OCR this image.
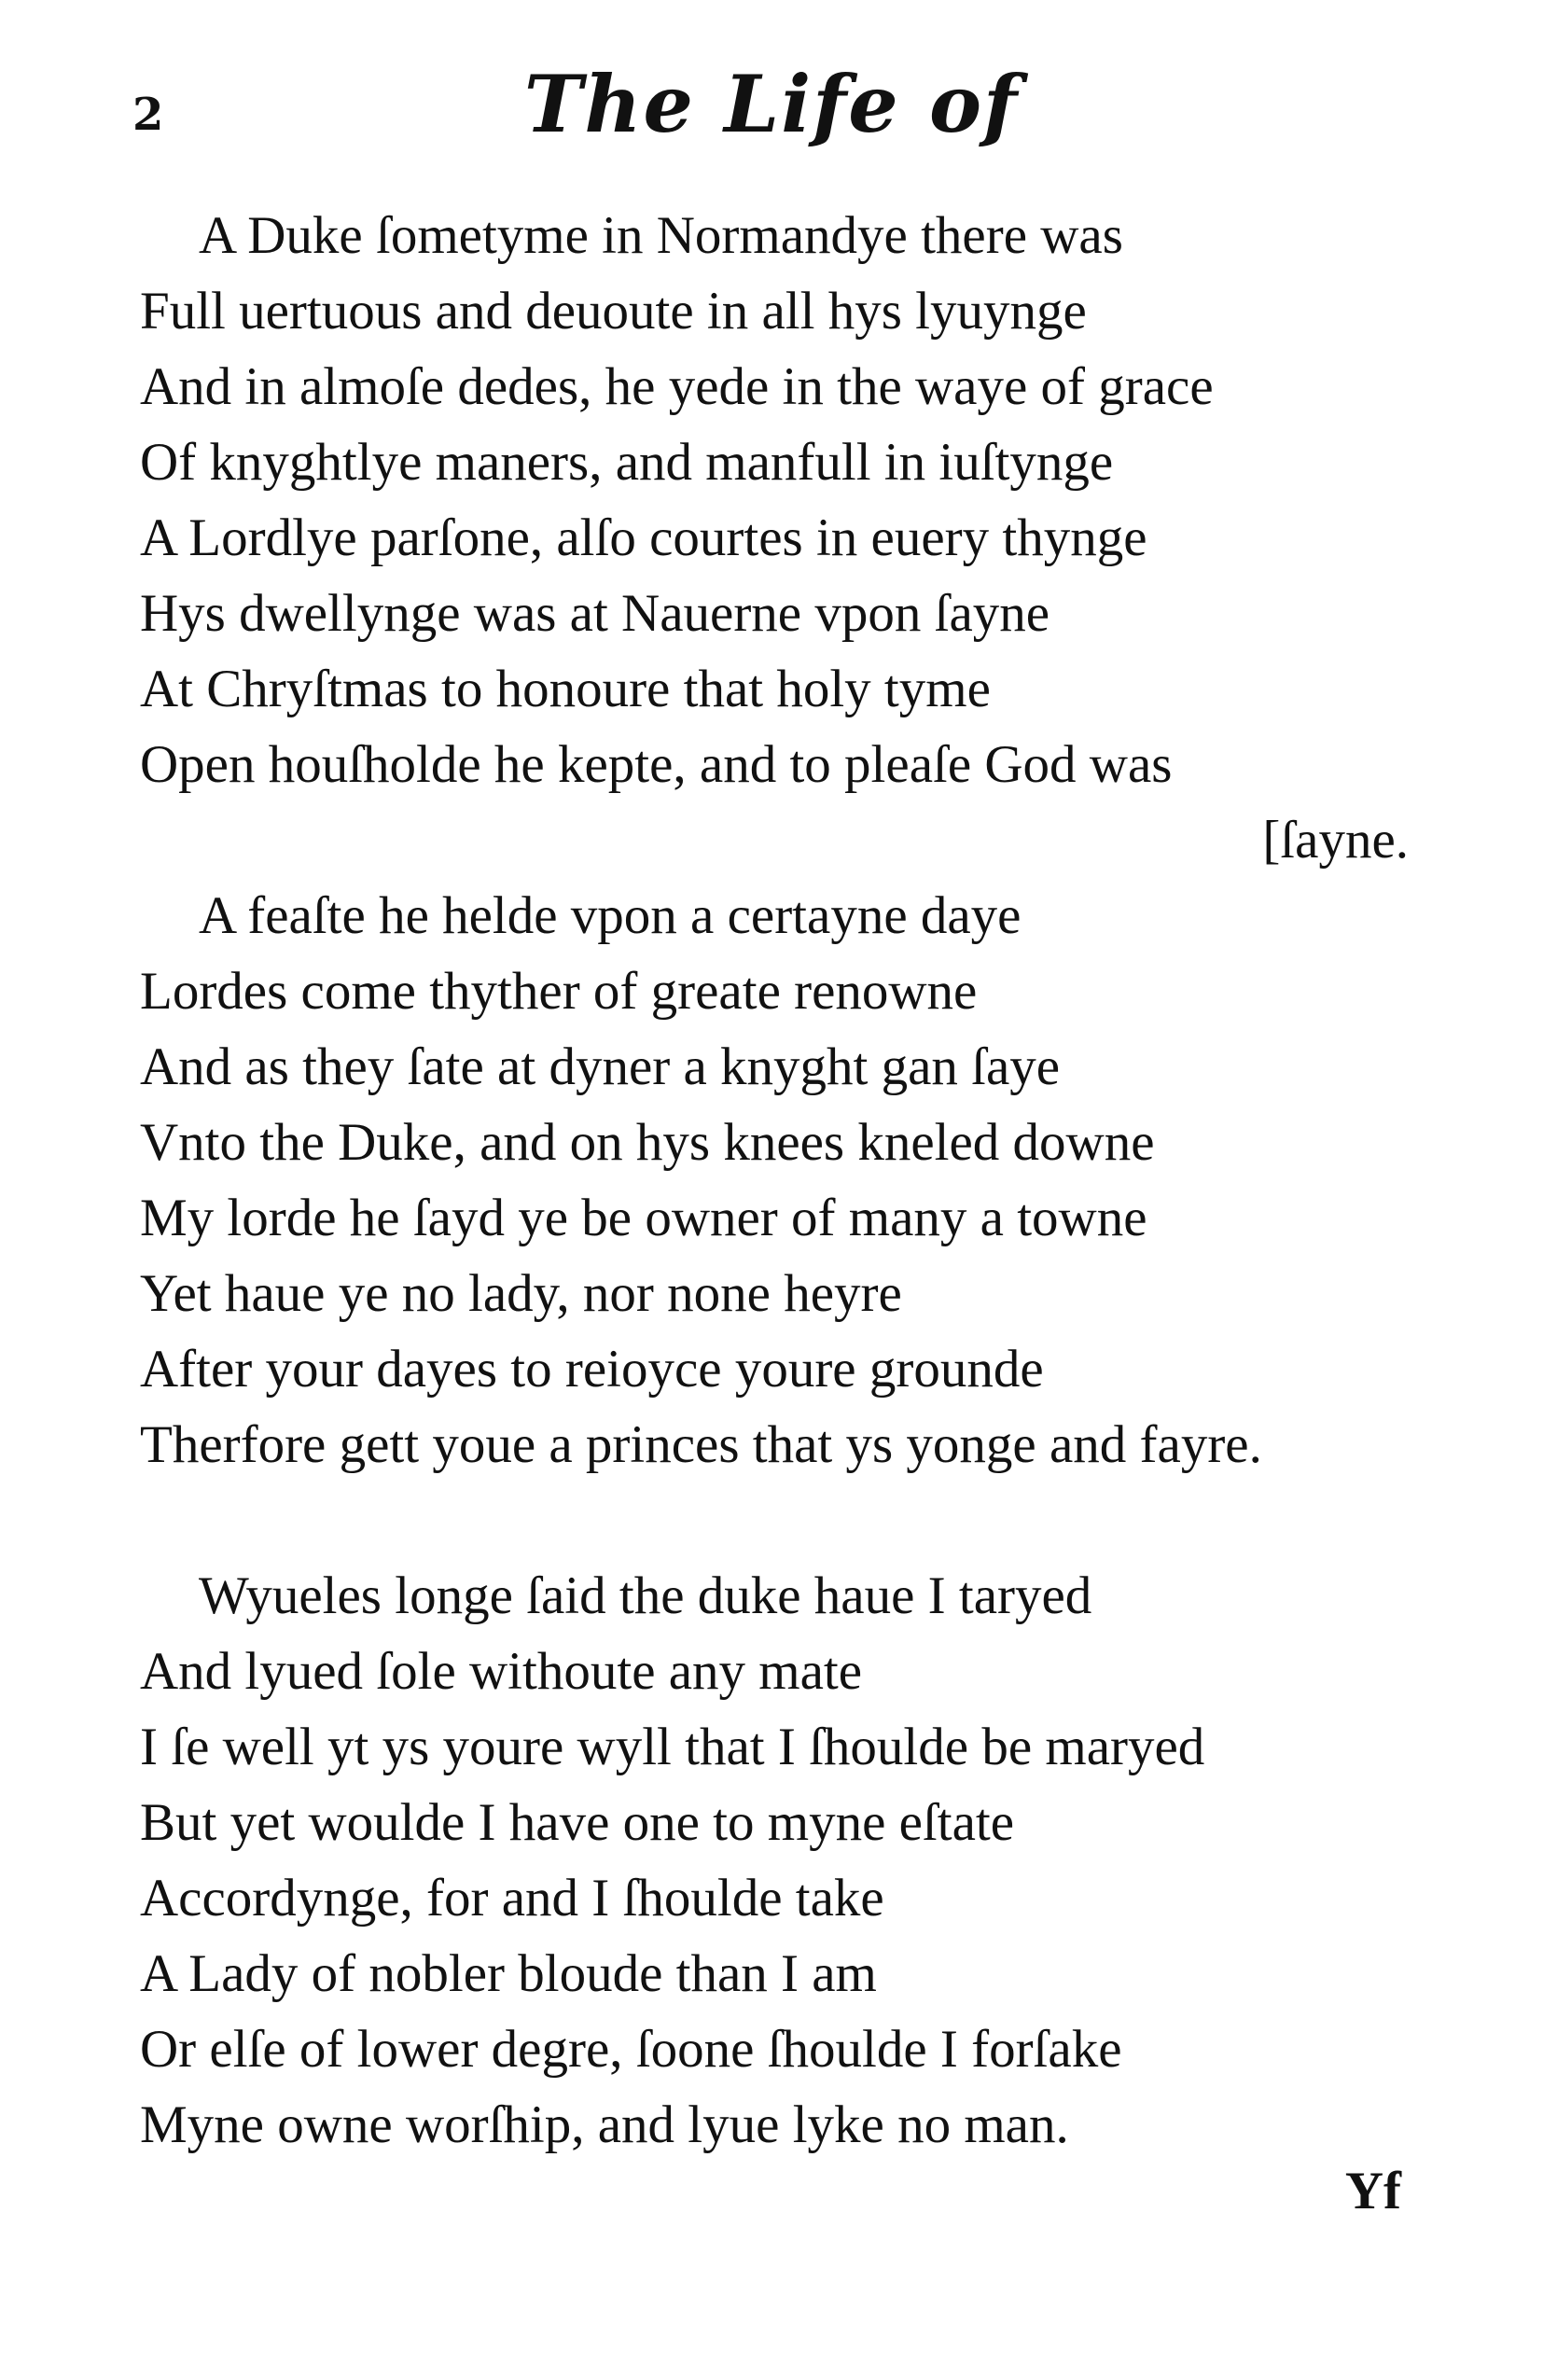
2	The Life of
A Duke ſometyme in Normandye there was
Full uertuous and deuoute in all hys lyuynge
And in almoſe dedes, he yede in the waye of grace
Of knyghtlye maners, and manfull in iuſtynge
A Lordlye parſone, alſo courtes in euery thynge
Hys dwellynge was at Nauerne vpon ſayne
At Chryſtmas to honoure that holy tyme
Open houſholde he kepte, and to pleaſe God was
[ſayne.
A feaſte he helde vpon a certayne daye
Lordes come thyther of greate renowne
And as they ſate at dyner a knyght gan ſaye
Vnto the Duke, and on hys knees kneled downe
My lorde he ſayd ye be owner of many a towne
Yet haue ye no lady, nor none heyre
After your dayes to reioyce youre grounde
Therfore gett youe a princes that ys yonge and fayre.
Wyueles longe ſaid the duke haue I taryed
And lyued ſole withoute any mate
I ſe well yt ys youre wyll that I ſhoulde be maryed
But yet woulde I have one to myne eſtate
Accordynge, for and I ſhoulde take
A Lady of nobler bloude than I am
Or elſe of lower degre, ſoone ſhoulde I forſake
Myne owne worſhip, and lyue lyke no man.
Yf
